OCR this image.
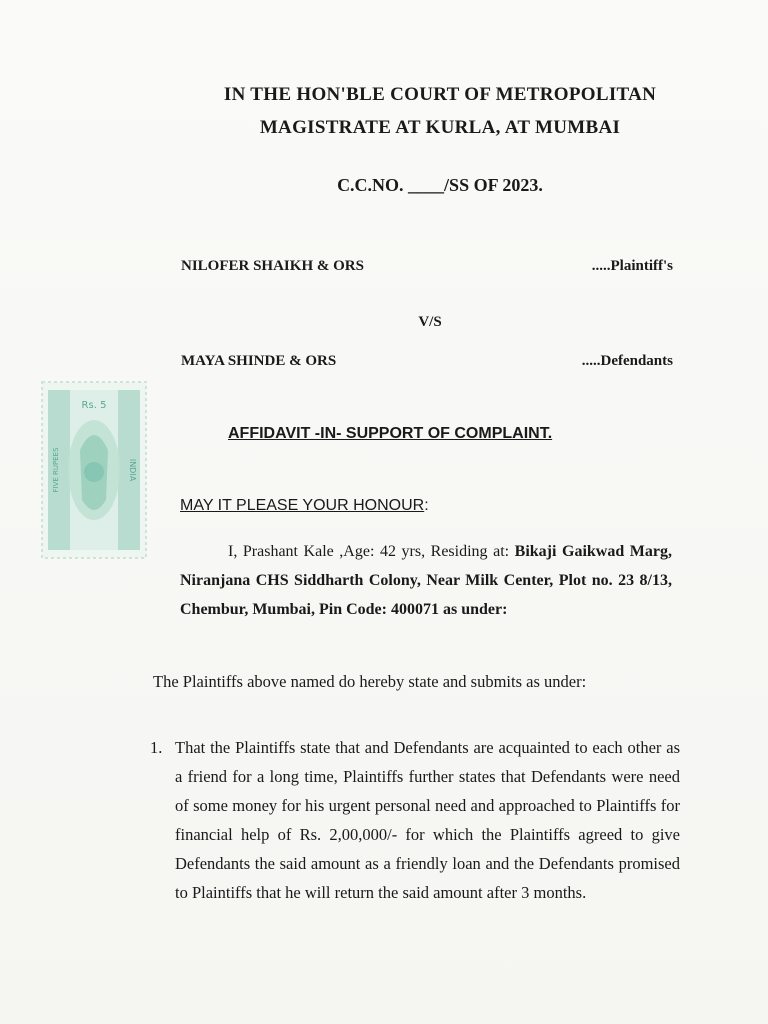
IN THE HON'BLE COURT OF METROPOLITAN
MAGISTRATE AT KURLA, AT MUMBAI
C.C.NO. ____/SS OF 2023.
NILOFER SHAIKH & ORS	.....Plaintiff's
V/S
MAYA SHINDE & ORS	.....Defendants
Rs. 5
INDIA
FIVE RUPEES
AFFIDAVIT -IN- SUPPORT OF COMPLAINT.
MAY IT PLEASE YOUR HONOUR:
I, Prashant Kale ,Age: 42 yrs, Residing at: Bikaji Gaikwad Marg, Niranjana CHS Siddharth Colony, Near Milk Center, Plot no. 23 8/13, Chembur, Mumbai, Pin Code: 400071 as under:
The Plaintiffs above named do hereby state and submits as under:
1. That the Plaintiffs state that and Defendants are acquainted to each other as a friend for a long time, Plaintiffs further states that Defendants were need of some money for his urgent personal need and approached to Plaintiffs for financial help of Rs. 2,00,000/- for which the Plaintiffs agreed to give Defendants the said amount as a friendly loan and the Defendants promised to Plaintiffs that he will return the said amount after 3 months.
